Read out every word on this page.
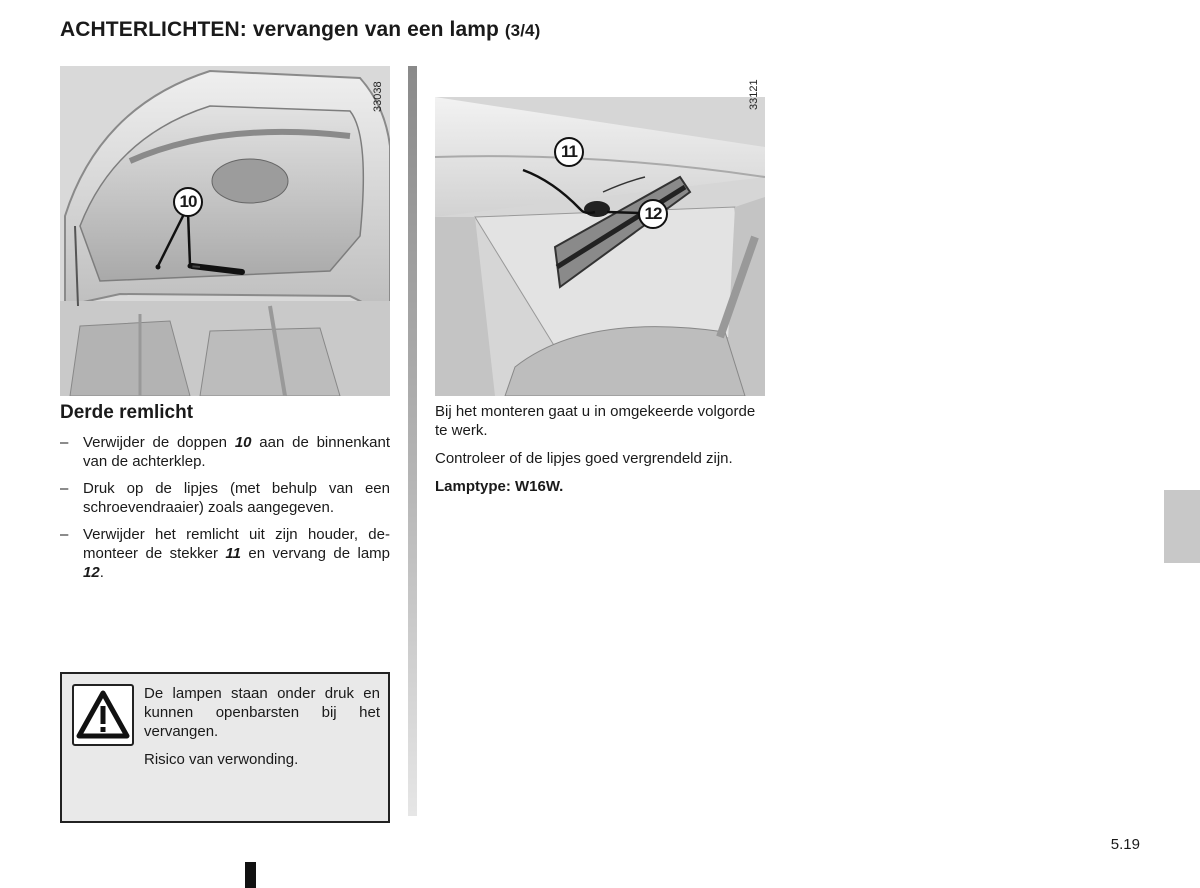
ACHTERLICHTEN: vervangen van een lamp (3/4)
10
33038
11
12
33121
Derde remlicht
– Verwijder de doppen 10 aan de binnenkant van de achterklep.
– Druk op de lipjes (met behulp van een schroevendraaier) zoals aangegeven.
– Verwijder het remlicht uit zijn houder, demonteer de stekker 11 en vervang de lamp 12.

De lampen staan onder druk en kunnen openbarsten bij het vervangen.

Risico van verwonding.

Bij het monteren gaat u in omgekeerde volgorde te werk.

Controleer of de lipjes goed vergrendeld zijn.

Lamptype: W16W.

5.19
